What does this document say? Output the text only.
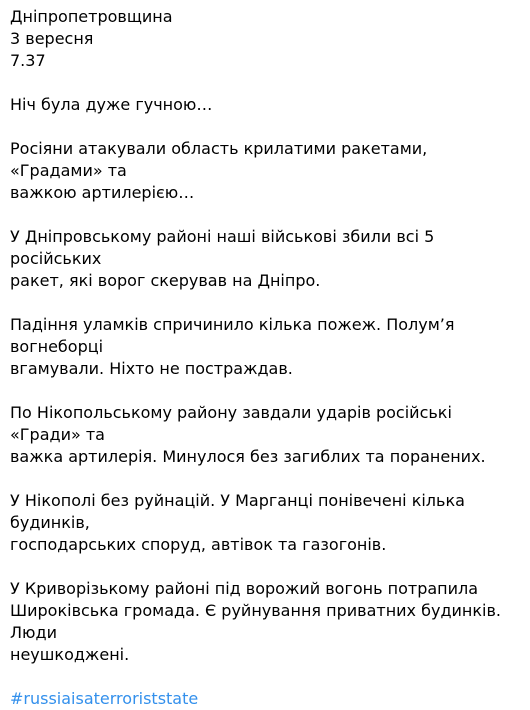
Дніпропетровщина
3 вересня
7.37
Ніч була дуже гучною…
Росіяни атакували область крилатими ракетами, «Градами» та
важкою артилерією…
У Дніпровському районі наші військові збили всі 5 російських
ракет, які ворог скерував на Дніпро.
Падіння уламків спричинило кілька пожеж. Полум’я вогнеборці
вгамували. Ніхто не постраждав.
По Нікопольському району завдали ударів російські «Гради» та
важка артилерія. Минулося без загиблих та поранених.
У Нікополі без руйнацій. У Марганці понівечені кілька будинків,
господарських споруд, автівок та газогонів.
У Криворізькому районі під ворожий вогонь потрапила
Широківська громада. Є руйнування приватних будинків. Люди
неушкоджені.
#russiaisaterroriststate
